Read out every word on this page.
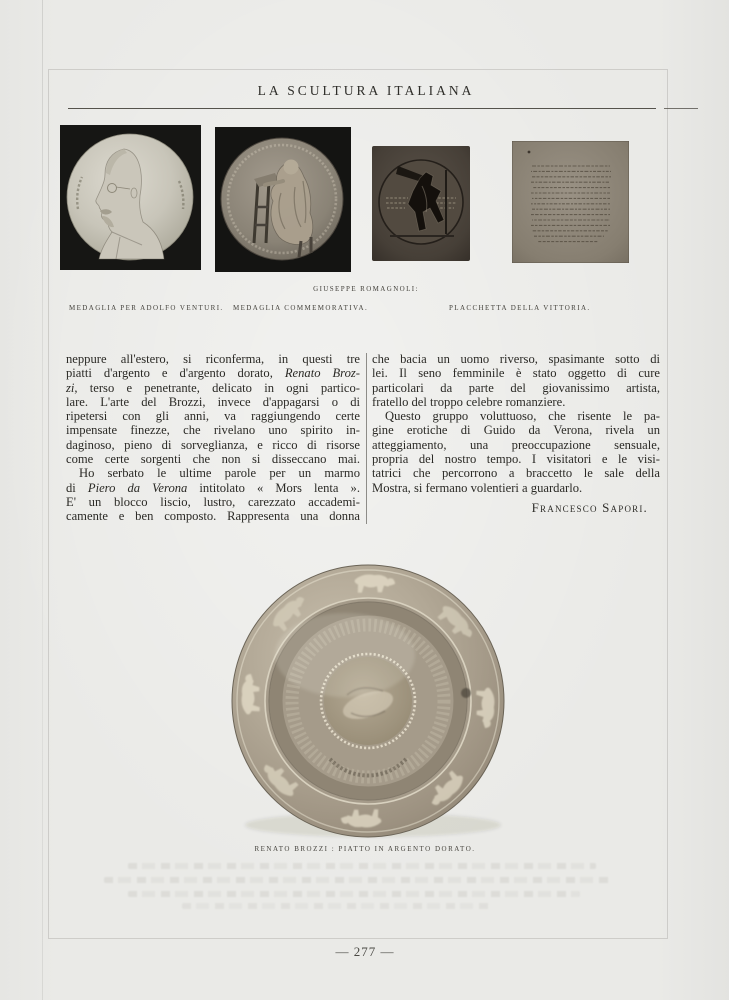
LA SCULTURA ITALIANA
GIUSEPPE ROMAGNOLI:
MEDAGLIA PER ADOLFO VENTURI. MEDAGLIA COMMEMORATIVA.	PLACCHETTA DELLA VITTORIA.
neppure all'estero, si riconferma, in questi tre
piatti d'argento e d'argento dorato, Renato Broz-
zi, terso e penetrante, delicato in ogni partico-
lare. L'arte del Brozzi, invece d'appagarsi o di
ripetersi con gli anni, va raggiungendo certe
impensate finezze, che rivelano uno spirito in-
daginoso, pieno di sorveglianza, e ricco di risorse
come certe sorgenti che non si disseccano mai.
Ho serbato le ultime parole per un marmo
di Piero da Verona intitolato « Mors lenta ».
E' un blocco liscio, lustro, carezzato accademi-
camente e ben composto. Rappresenta una donna
che bacia un uomo riverso, spasimante sotto di
lei. Il seno femminile è stato oggetto di cure
particolari da parte del giovanissimo artista,
fratello del troppo celebre romanziere.
Questo gruppo voluttuoso, che risente le pa-
gine erotiche di Guido da Verona, rivela un
atteggiamento, una preoccupazione sensuale,
propria del nostro tempo. I visitatori e le visi-
tatrici che percorrono a braccetto le sale della
Mostra, si fermano volentieri a guardarlo.
Francesco Sapori.
RENATO BROZZI : PIATTO IN ARGENTO DORATO.
— 277 —
